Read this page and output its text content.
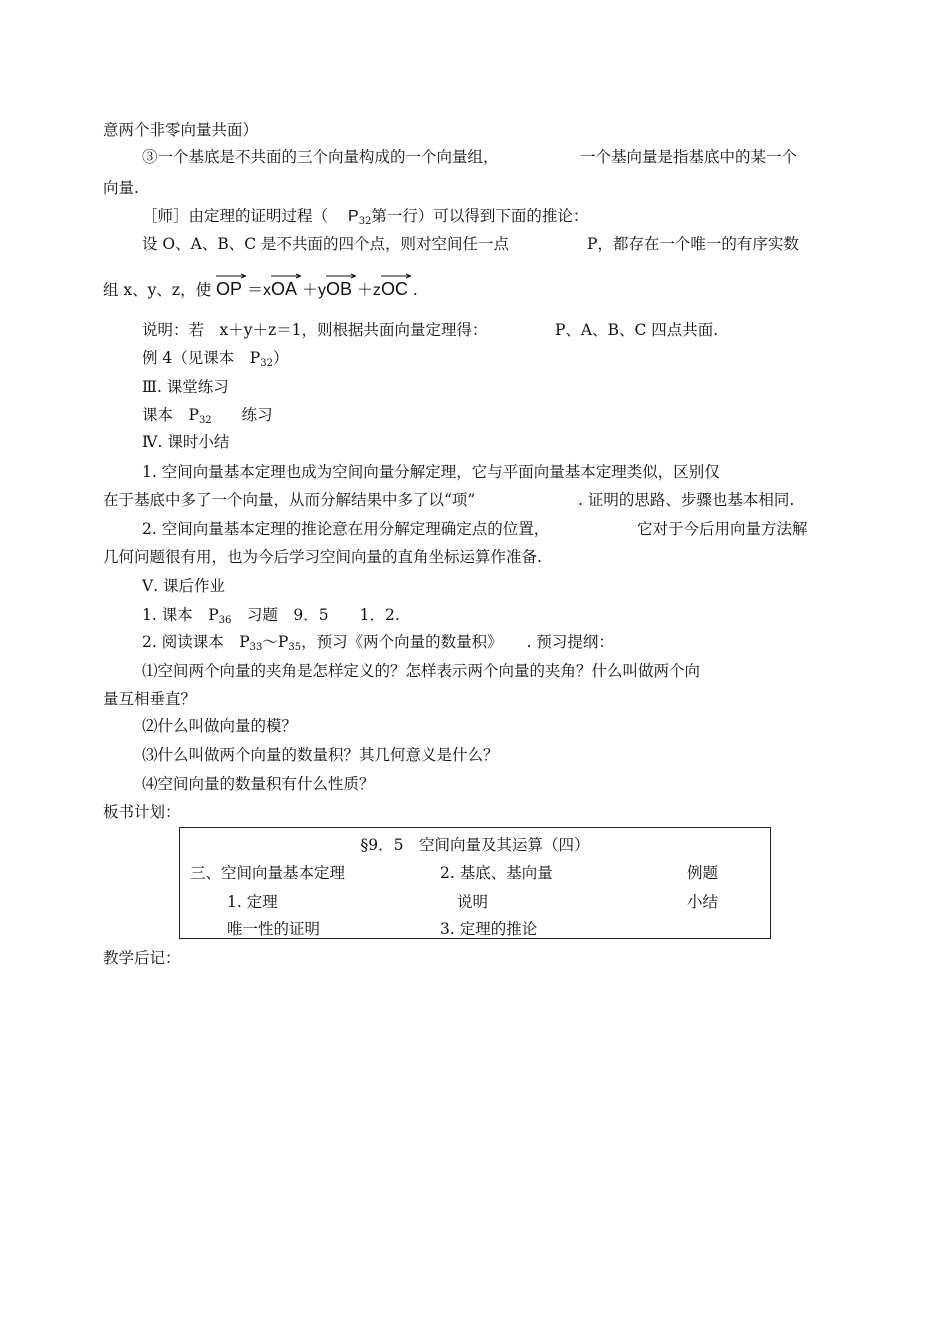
意两个非零向量共面）
③一个基底是不共面的三个向量构成的一个向量组，	一个基向量是指基底中的某一个
向量.
［师］由定理的证明过程（ $P_{32}$第一行）可以得到下面的推论：
设 O、A、B、C 是不共面的四个点，则对空间任一点	P，都存在一个唯一的有序实数
组 x、y、z，使 OP ＝x
OA ＋y
OB ＋z
OC .
说明：若　x＋y＋z＝1，则根据共面向量定理得：	P、A、B、C 四点共面.
例 4（见课本　$P_{32}$）
Ⅲ. 课堂练习
课本　$P_{32}$ 练习
Ⅳ. 课时小结
1. 空间向量基本定理也成为空间向量分解定理，它与平面向量基本定理类似，区别仅
在于基底中多了一个向量，从而分解结果中多了以“项”	. 证明的思路、步骤也基本相同.
2. 空间向量基本定理的推论意在用分解定理确定点的位置，	它对于今后用向量方法解
几何问题很有用，也为今后学习空间向量的直角坐标运算作准备.
Ⅴ. 课后作业
1. 课本　$P_{36}$　习题　9．5　　1．2.
2. 阅读课本　$P_{33}\sim P_{35}$，预习《两个向量的数量积》 . 预习提纲：
⑴空间两个向量的夹角是怎样定义的？怎样表示两个向量的夹角？什么叫做两个向
量互相垂直？
⑵什么叫做向量的模？
⑶什么叫做两个向量的数量积？其几何意义是什么？
⑷空间向量的数量积有什么性质？
板书计划：
§9．5　空间向量及其运算（四）
三、空间向量基本定理	2. 基底、基向量	例题
1. 定理	说明	小结
唯一性的证明	3. 定理的推论
教学后记：
